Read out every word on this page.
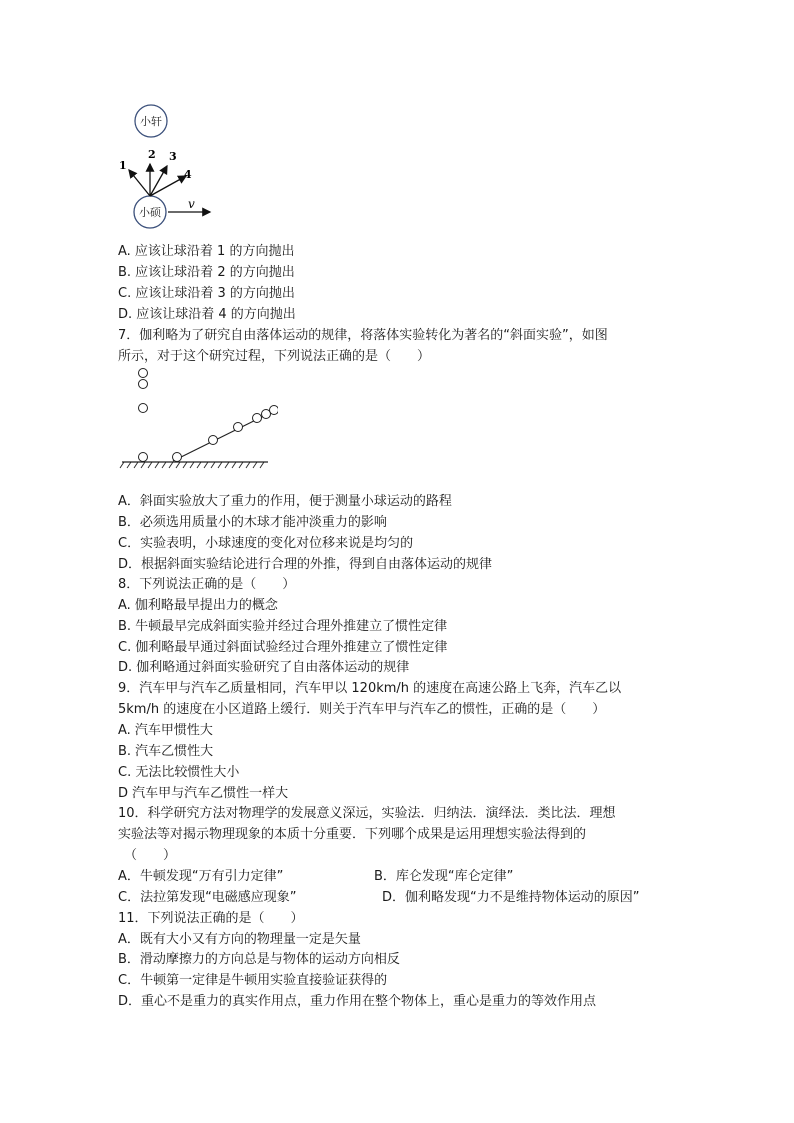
小轩
小硕
1
2 3
4
v
A. 应该让球沿着 1 的方向抛出
B. 应该让球沿着 2 的方向抛出
C. 应该让球沿着 3 的方向抛出
D. 应该让球沿着 4 的方向抛出
7．伽利略为了研究自由落体运动的规律，将落体实验转化为著名的“斜面实验”，如图
所示，对于这个研究过程，下列说法正确的是（　　）
A．斜面实验放大了重力的作用，便于测量小球运动的路程
B．必须选用质量小的木球才能冲淡重力的影响
C．实验表明，小球速度的变化对位移来说是均匀的
D．根据斜面实验结论进行合理的外推，得到自由落体运动的规律
8．下列说法正确的是（　　）
A. 伽利略最早提出力的概念
B. 牛顿最早完成斜面实验并经过合理外推建立了惯性定律
C. 伽利略最早通过斜面试验经过合理外推建立了惯性定律
D. 伽利略通过斜面实验研究了自由落体运动的规律
9．汽车甲与汽车乙质量相同，汽车甲以 120km/h 的速度在高速公路上飞奔，汽车乙以
5km/h 的速度在小区道路上缓行．则关于汽车甲与汽车乙的惯性，正确的是（　　）
A. 汽车甲惯性大
B. 汽车乙惯性大
C. 无法比较惯性大小
D 汽车甲与汽车乙惯性一样大
10．科学研究方法对物理学的发展意义深远，实验法．归纳法．演绎法．类比法．理想
实验法等对揭示物理现象的本质十分重要．下列哪个成果是运用理想实验法得到的
（　　）
A．牛顿发现“万有引力定律”	B．库仑发现“库仑定律”
C．法拉第发现“电磁感应现象”	D．伽利略发现“力不是维持物体运动的原因”
11．下列说法正确的是（　　）
A．既有大小又有方向的物理量一定是矢量
B．滑动摩擦力的方向总是与物体的运动方向相反
C．牛顿第一定律是牛顿用实验直接验证获得的
D．重心不是重力的真实作用点，重力作用在整个物体上，重心是重力的等效作用点
